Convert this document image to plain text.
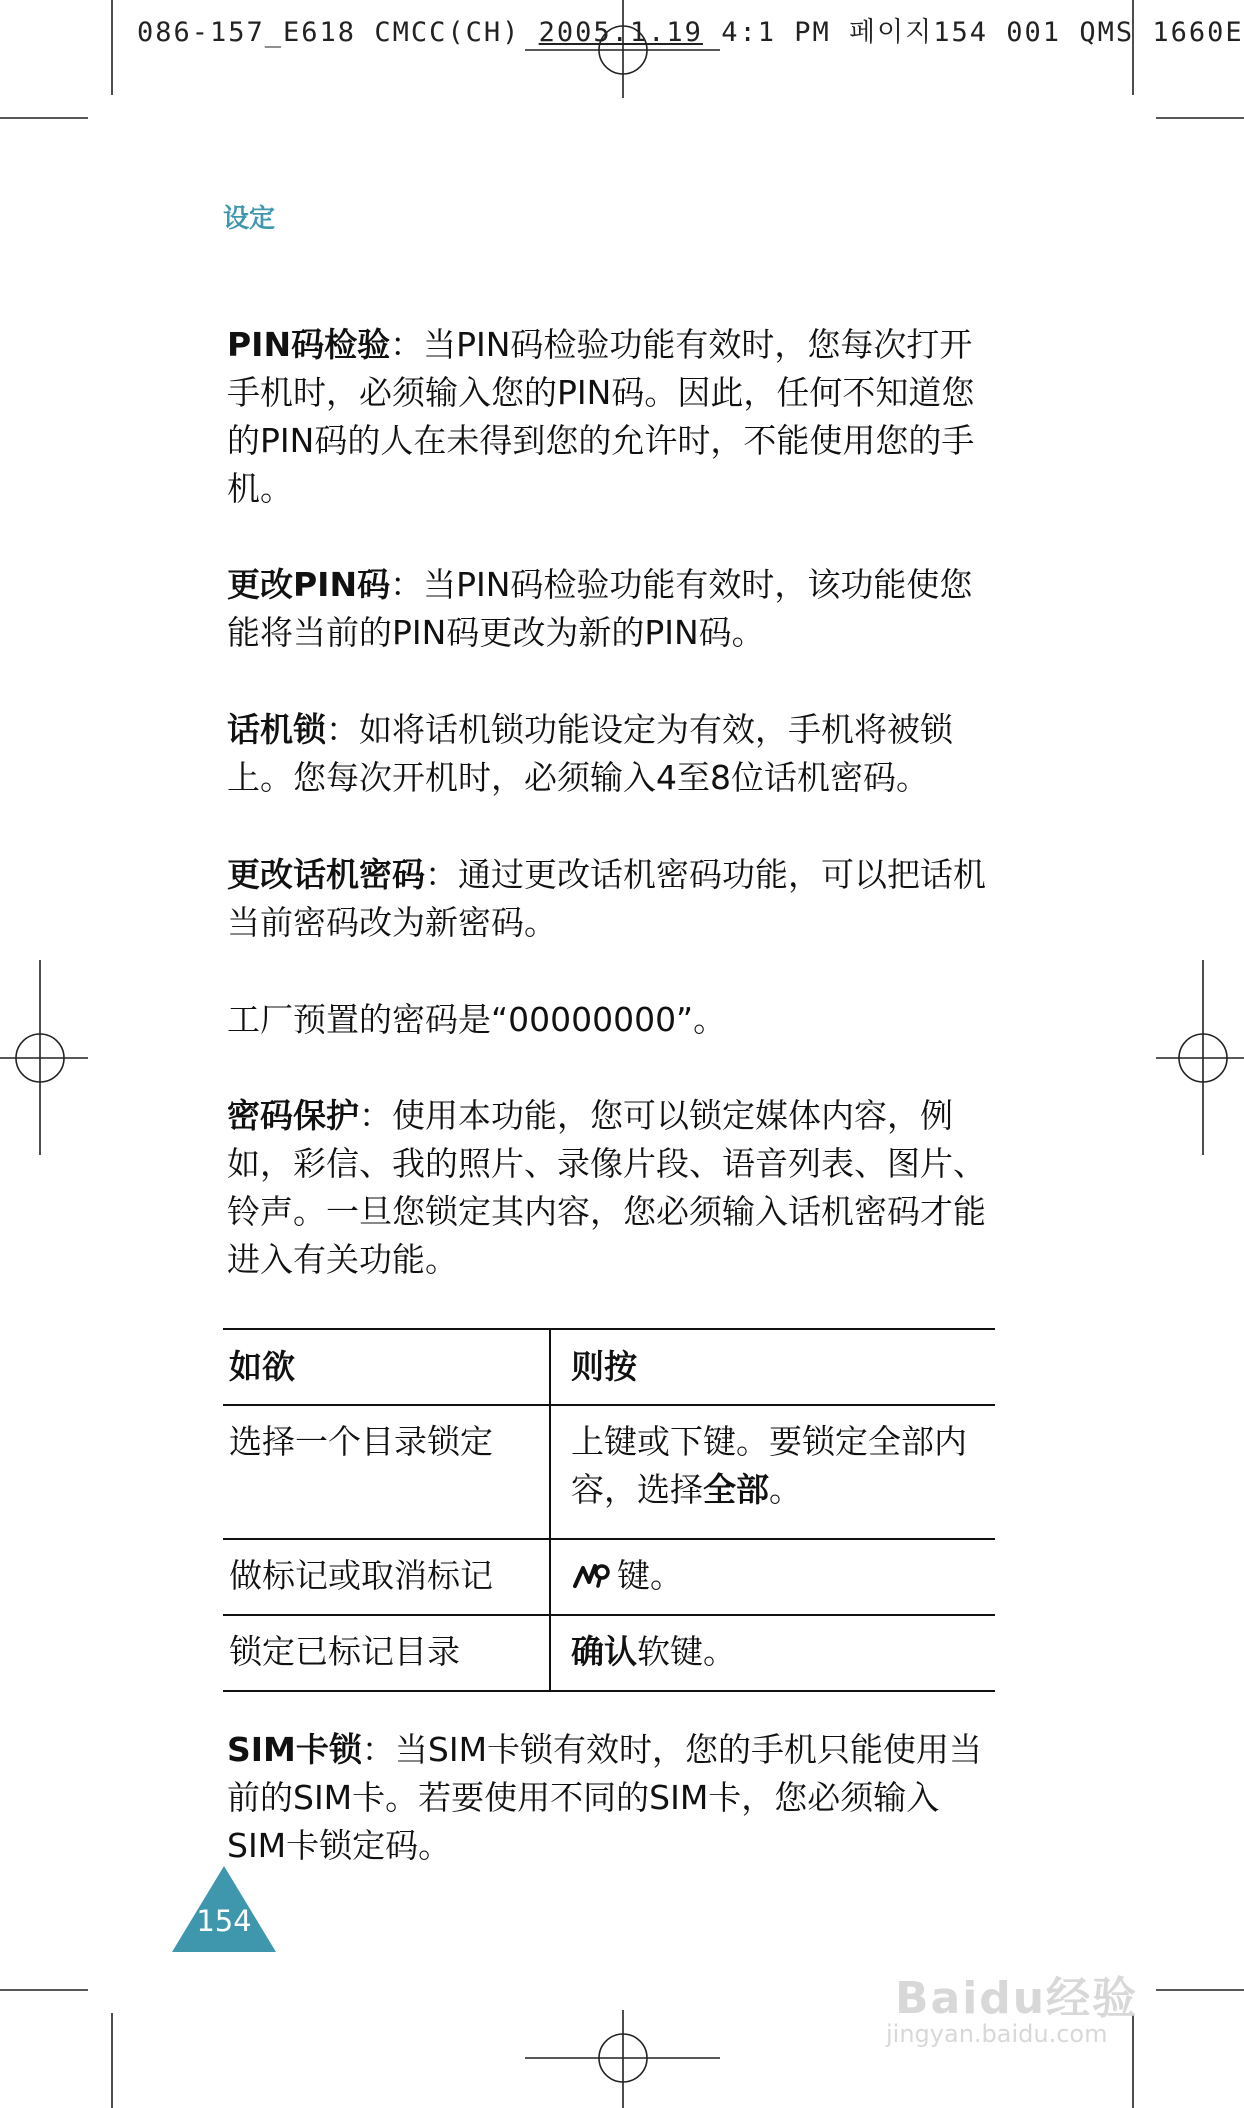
086-157_E618 CMCC(CH) 2005.1.19 4:1 PM 페이지154 001 QMS 1660E
设定
PIN码检验：当PIN码检验功能有效时，您每次打开手机时，必须输入您的PIN码。因此，任何不知道您的PIN码的人在未得到您的允许时，不能使用您的手机。
更改PIN码：当PIN码检验功能有效时，该功能使您能将当前的PIN码更改为新的PIN码。
话机锁：如将话机锁功能设定为有效，手机将被锁上。您每次开机时，必须输入4至8位话机密码。
更改话机密码：通过更改话机密码功能，可以把话机当前密码改为新密码。
工厂预置的密码是“00000000”。
密码保护：使用本功能，您可以锁定媒体内容，例如，彩信、我的照片、录像片段、语音列表、图片、铃声。一旦您锁定其内容，您必须输入话机密码才能进入有关功能。
如欲	则按
选择一个目录锁定	上键或下键。要锁定全部内容，选择全部。
做标记或取消标记	键。
锁定已标记目录	确认软键。
SIM卡锁：当SIM卡锁有效时，您的手机只能使用当前的SIM卡。若要使用不同的SIM卡，您必须输入SIM卡锁定码。
154
Baidu经验
jingyan.baidu.com
